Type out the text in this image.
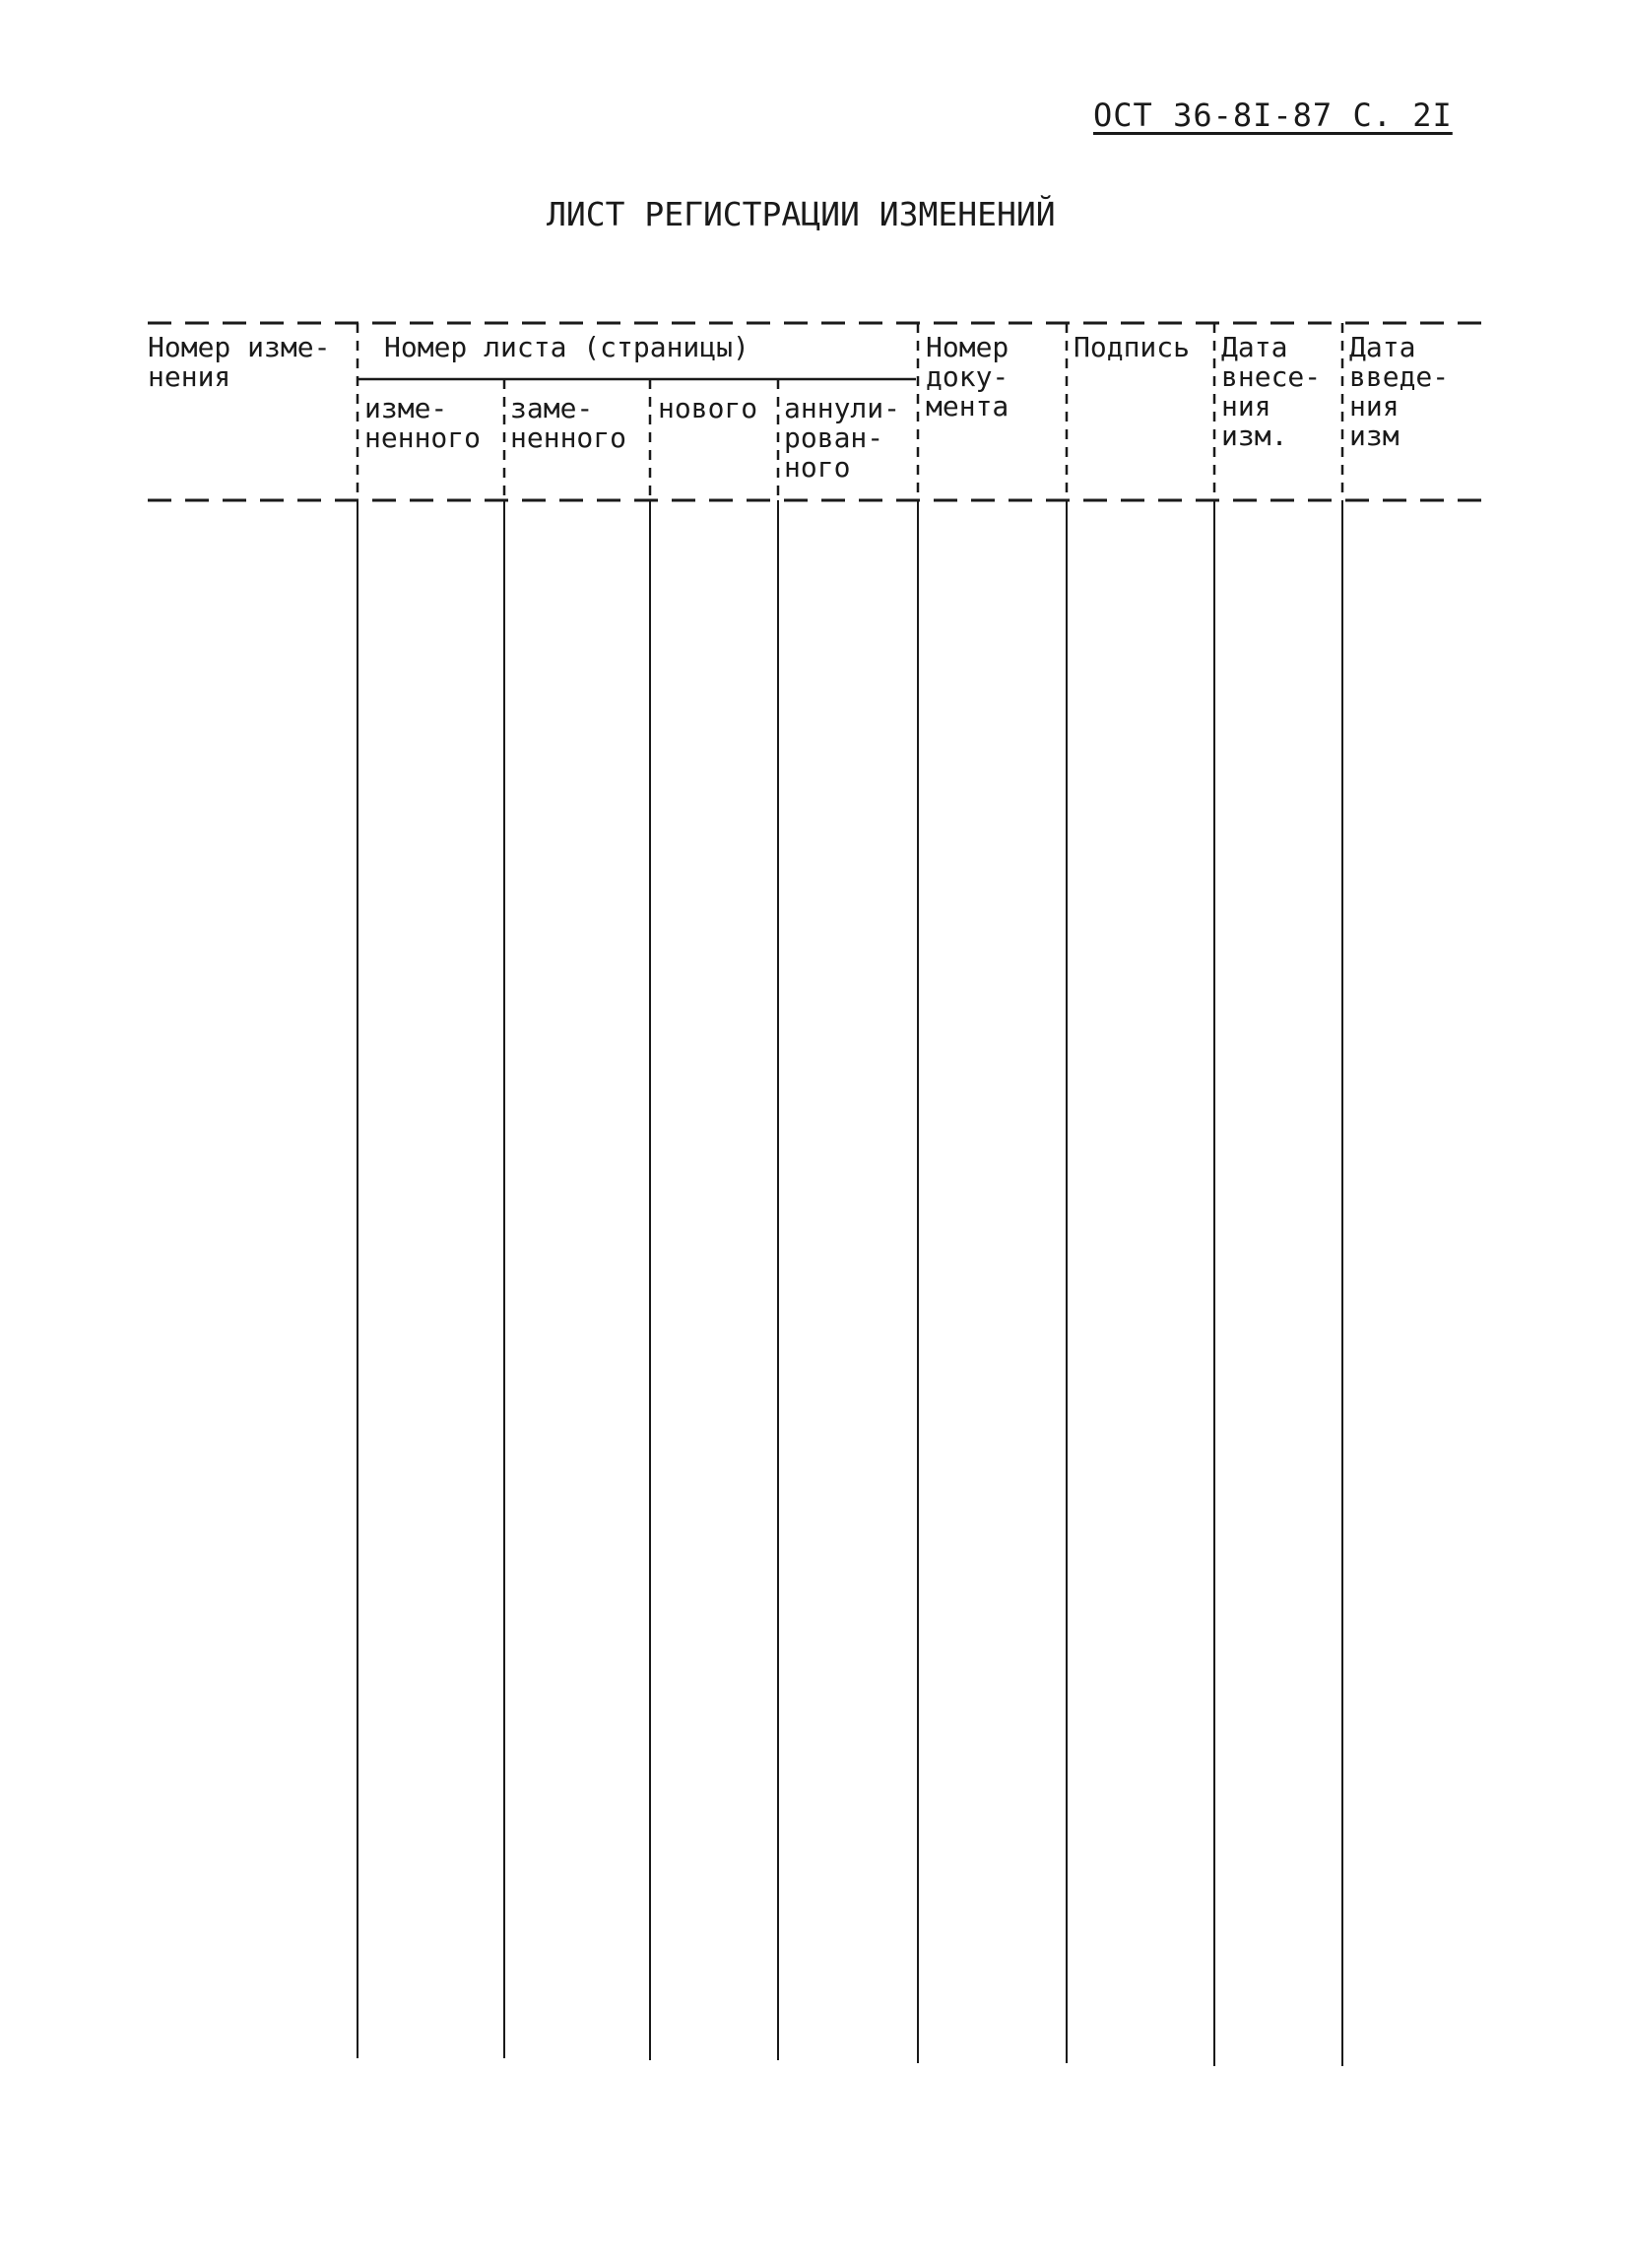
ОСТ 36-8I-87 С. 2I
ЛИСТ РЕГИСТРАЦИИ ИЗМЕНЕНИЙ
Номер изме-
нения
Номер листа (страницы)
изме-
ненного
заме-
ненного
нового аннули-
рован-
ного
Номер
доку-
мента
Подпись Дата
внесе-
ния
изм.
Дата
введе-
ния
изм
